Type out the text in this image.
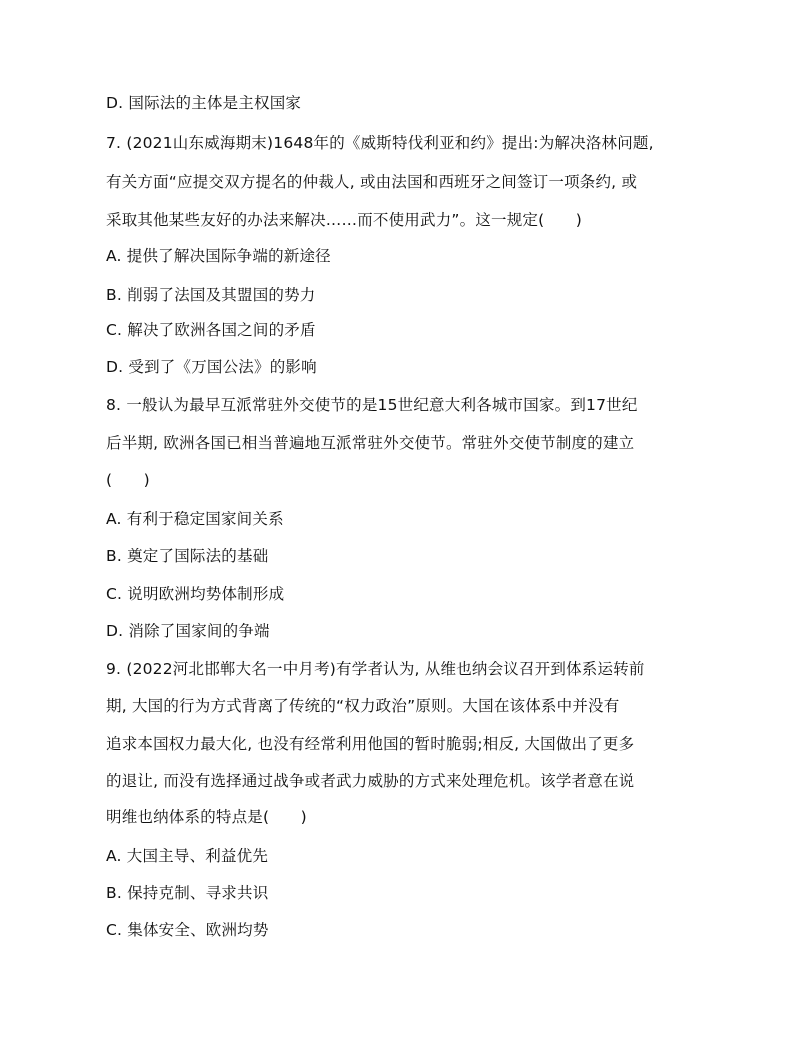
D. 国际法的主体是主权国家
7. (2021山东威海期末)1648年的《威斯特伐利亚和约》提出:为解决洛林问题,
有关方面“应提交双方提名的仲裁人, 或由法国和西班牙之间签订一项条约, 或
采取其他某些友好的办法来解决……而不使用武力”。这一规定(　　)
A. 提供了解决国际争端的新途径
B. 削弱了法国及其盟国的势力
C. 解决了欧洲各国之间的矛盾
D. 受到了《万国公法》的影响
8. 一般认为最早互派常驻外交使节的是15世纪意大利各城市国家。到17世纪
后半期, 欧洲各国已相当普遍地互派常驻外交使节。常驻外交使节制度的建立
(　　)
A. 有利于稳定国家间关系
B. 奠定了国际法的基础
C. 说明欧洲均势体制形成
D. 消除了国家间的争端
9. (2022河北邯郸大名一中月考)有学者认为, 从维也纳会议召开到体系运转前
期, 大国的行为方式背离了传统的“权力政治”原则。大国在该体系中并没有
追求本国权力最大化, 也没有经常利用他国的暂时脆弱;相反, 大国做出了更多
的退让, 而没有选择通过战争或者武力威胁的方式来处理危机。该学者意在说
明维也纳体系的特点是(　　)
A. 大国主导、利益优先
B. 保持克制、寻求共识
C. 集体安全、欧洲均势
